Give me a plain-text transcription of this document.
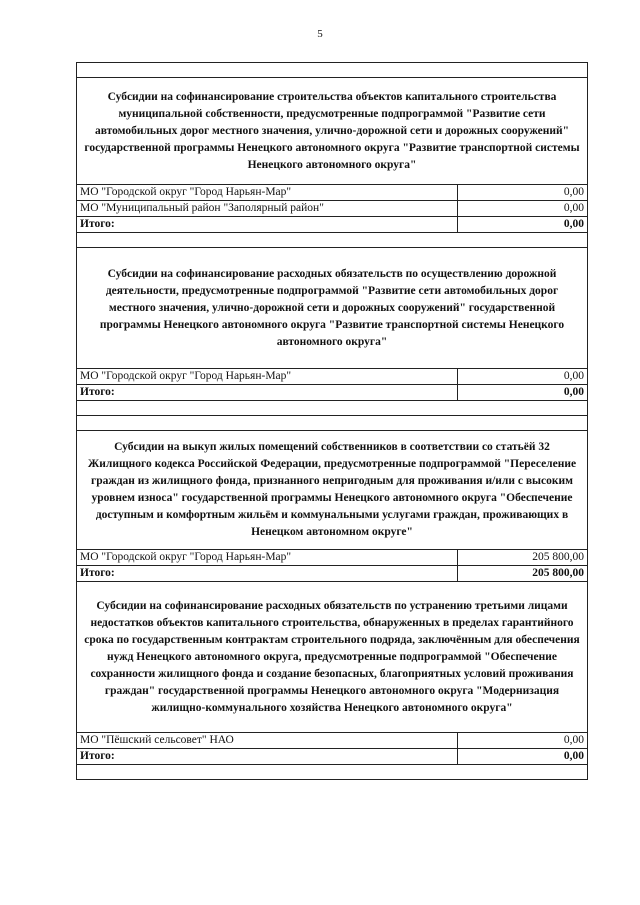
5

Субсидии на софинансирование строительства объектов капитального строительства муниципальной собственности, предусмотренные подпрограммой "Развитие сети автомобильных дорог местного значения, улично-дорожной сети и дорожных сооружений" государственной программы Ненецкого автономного округа "Развитие транспортной системы Ненецкого автономного округа"	
МО "Городской округ "Город Нарьян-Мар"	0,00
МО "Муниципальный район "Заполярный район"	0,00
Итого:	0,00

Субсидии на софинансирование расходных обязательств по осуществлению дорожной деятельности, предусмотренные подпрограммой "Развитие сети автомобильных дорог местного значения, улично-дорожной сети и дорожных сооружений" государственной программы Ненецкого автономного округа "Развитие транспортной системы Ненецкого автономного округа"	
МО "Городской округ "Город Нарьян-Мар"	0,00
Итого:	0,00

Субсидии на выкуп жилых помещений собственников в соответствии со статьёй 32 Жилищного кодекса Российской Федерации, предусмотренные подпрограммой "Переселение граждан из жилищного фонда, признанного непригодным для проживания и/или с высоким уровнем износа" государственной программы Ненецкого автономного округа "Обеспечение доступным и комфортным жильём и коммунальными услугами граждан, проживающих в Ненецком автономном округе"	
МО "Городской округ "Город Нарьян-Мар"	205 800,00
Итого:	205 800,00
Субсидии на софинансирование расходных обязательств по устранению третьими лицами недостатков объектов капитального строительства, обнаруженных в пределах гарантийного срока по государственным контрактам строительного подряда, заключённым для обеспечения нужд Ненецкого автономного округа, предусмотренные подпрограммой "Обеспечение сохранности жилищного фонда и создание безопасных, благоприятных условий проживания граждан" государственной программы Ненецкого автономного округа "Модернизация жилищно-коммунального хозяйства Ненецкого автономного округа"	
МО "Пёшский сельсовет" НАО	0,00
Итого:	0,00
